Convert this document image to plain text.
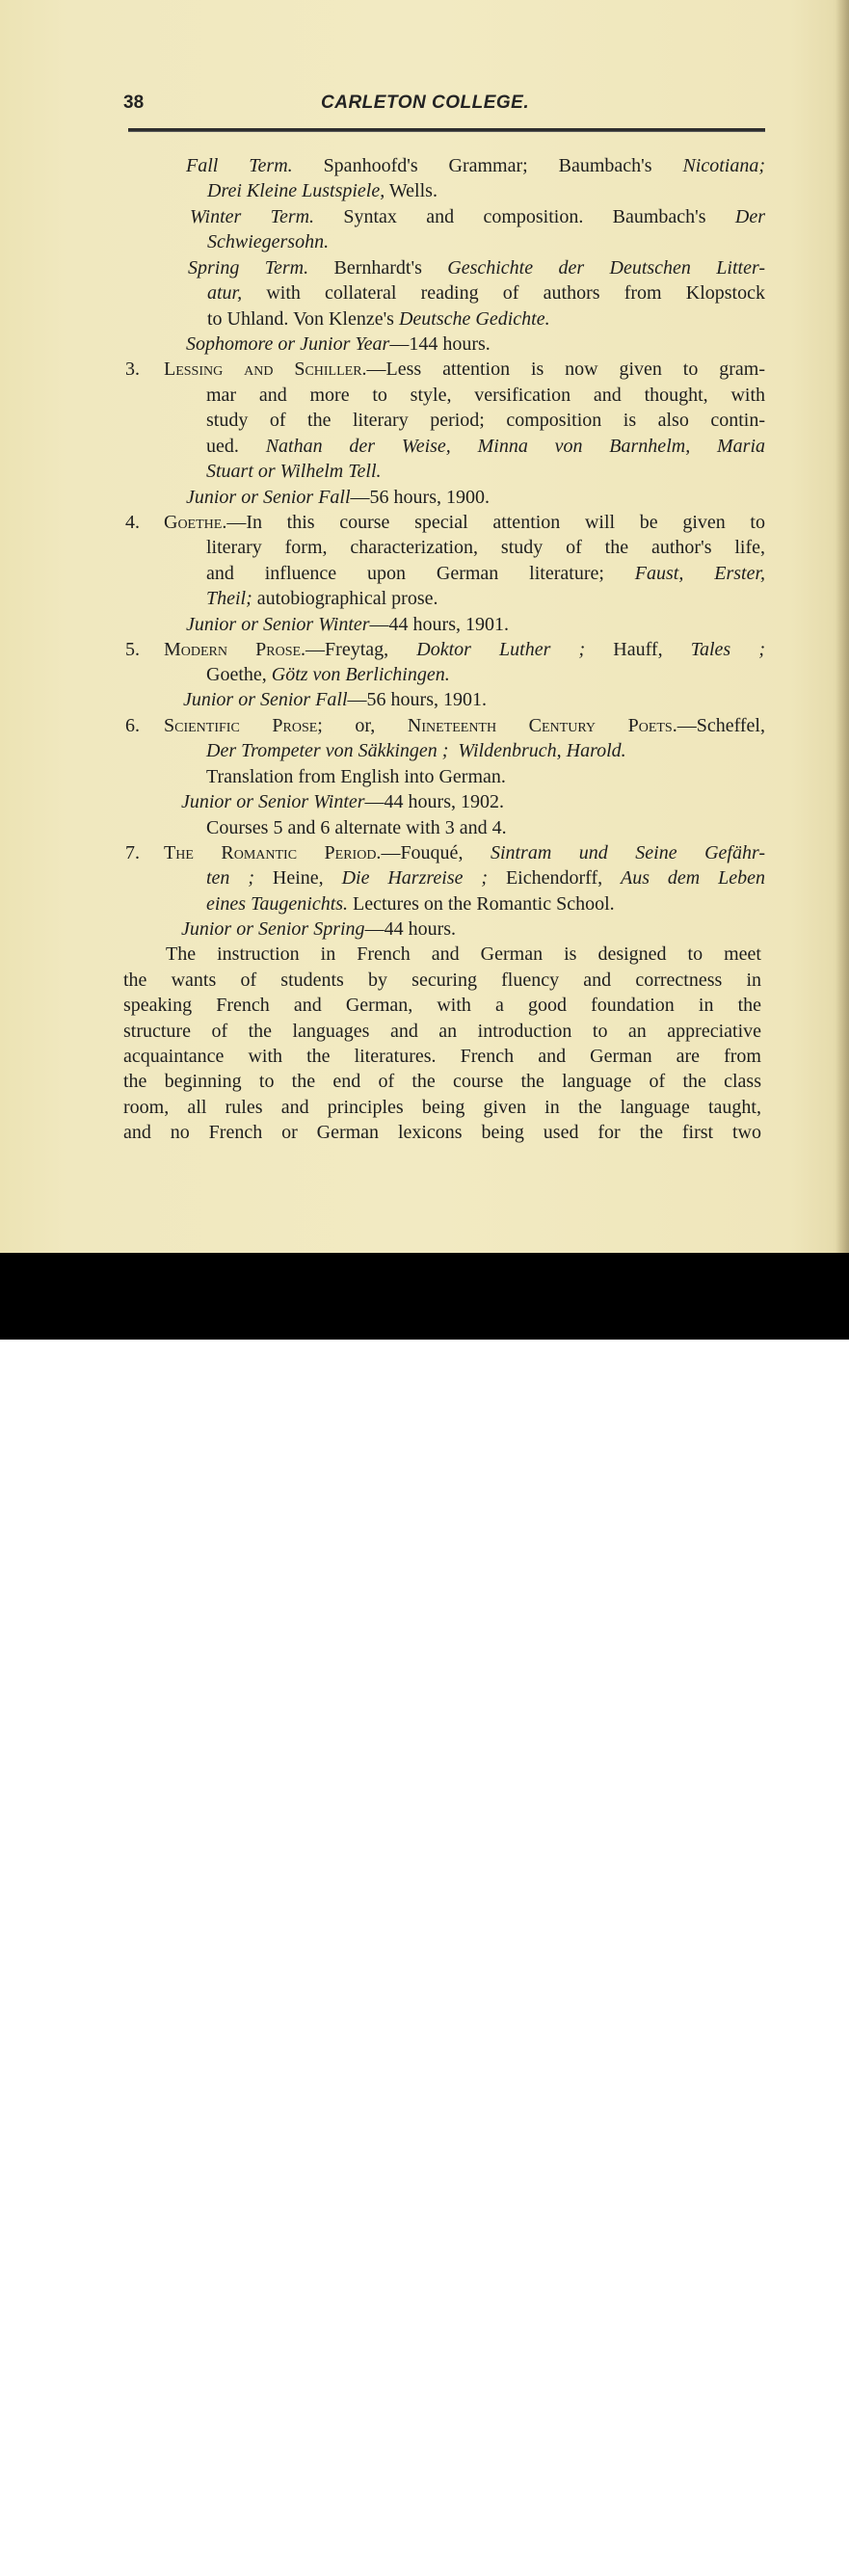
38	CARLETON COLLEGE.
Fall Term. Spanhoofd's Grammar; Baumbach's Nicotiana;
Drei Kleine Lustspiele, Wells.
Winter Term. Syntax and composition. Baumbach's Der
Schwiegersohn.
Spring Term. Bernhardt's Geschichte der Deutschen Litter-
atur, with collateral reading of authors from Klopstock
to Uhland. Von Klenze's Deutsche Gedichte.
Sophomore or Junior Year—144 hours.
3. Lessing and Schiller.—Less attention is now given to gram-
mar and more to style, versification and thought, with
study of the literary period; composition is also contin-
ued. Nathan der Weise, Minna von Barnhelm, Maria
Stuart or Wilhelm Tell.
Junior or Senior Fall—56 hours, 1900.
4. Goethe.—In this course special attention will be given to
literary form, characterization, study of the author's life,
and influence upon German literature; Faust, Erster,
Theil; autobiographical prose.
Junior or Senior Winter—44 hours, 1901.
5. Modern Prose.—Freytag, Doktor Luther ; Hauff, Tales ;
Goethe, Götz von Berlichingen.
Junior or Senior Fall—56 hours, 1901.
6. Scientific Prose; or, Nineteenth Century Poets.—Scheffel,
Der Trompeter von Säkkingen ;  Wildenbruch, Harold.
Translation from English into German.
Junior or Senior Winter—44 hours, 1902.
Courses 5 and 6 alternate with 3 and 4.
7. The Romantic Period.—Fouqué, Sintram und Seine Gefähr-
ten ; Heine, Die Harzreise ; Eichendorff, Aus dem Leben
eines Taugenichts. Lectures on the Romantic School.
Junior or Senior Spring—44 hours.
The instruction in French and German is designed to meet
the wants of students by securing fluency and correctness in
speaking French and German, with a good foundation in the
structure of the languages and an introduction to an appreciative
acquaintance with the literatures. French and German are from
the beginning to the end of the course the language of the class
room, all rules and principles being given in the language taught,
and no French or German lexicons being used for the first two
alamy	3A5P8M8
www.alamy.com
